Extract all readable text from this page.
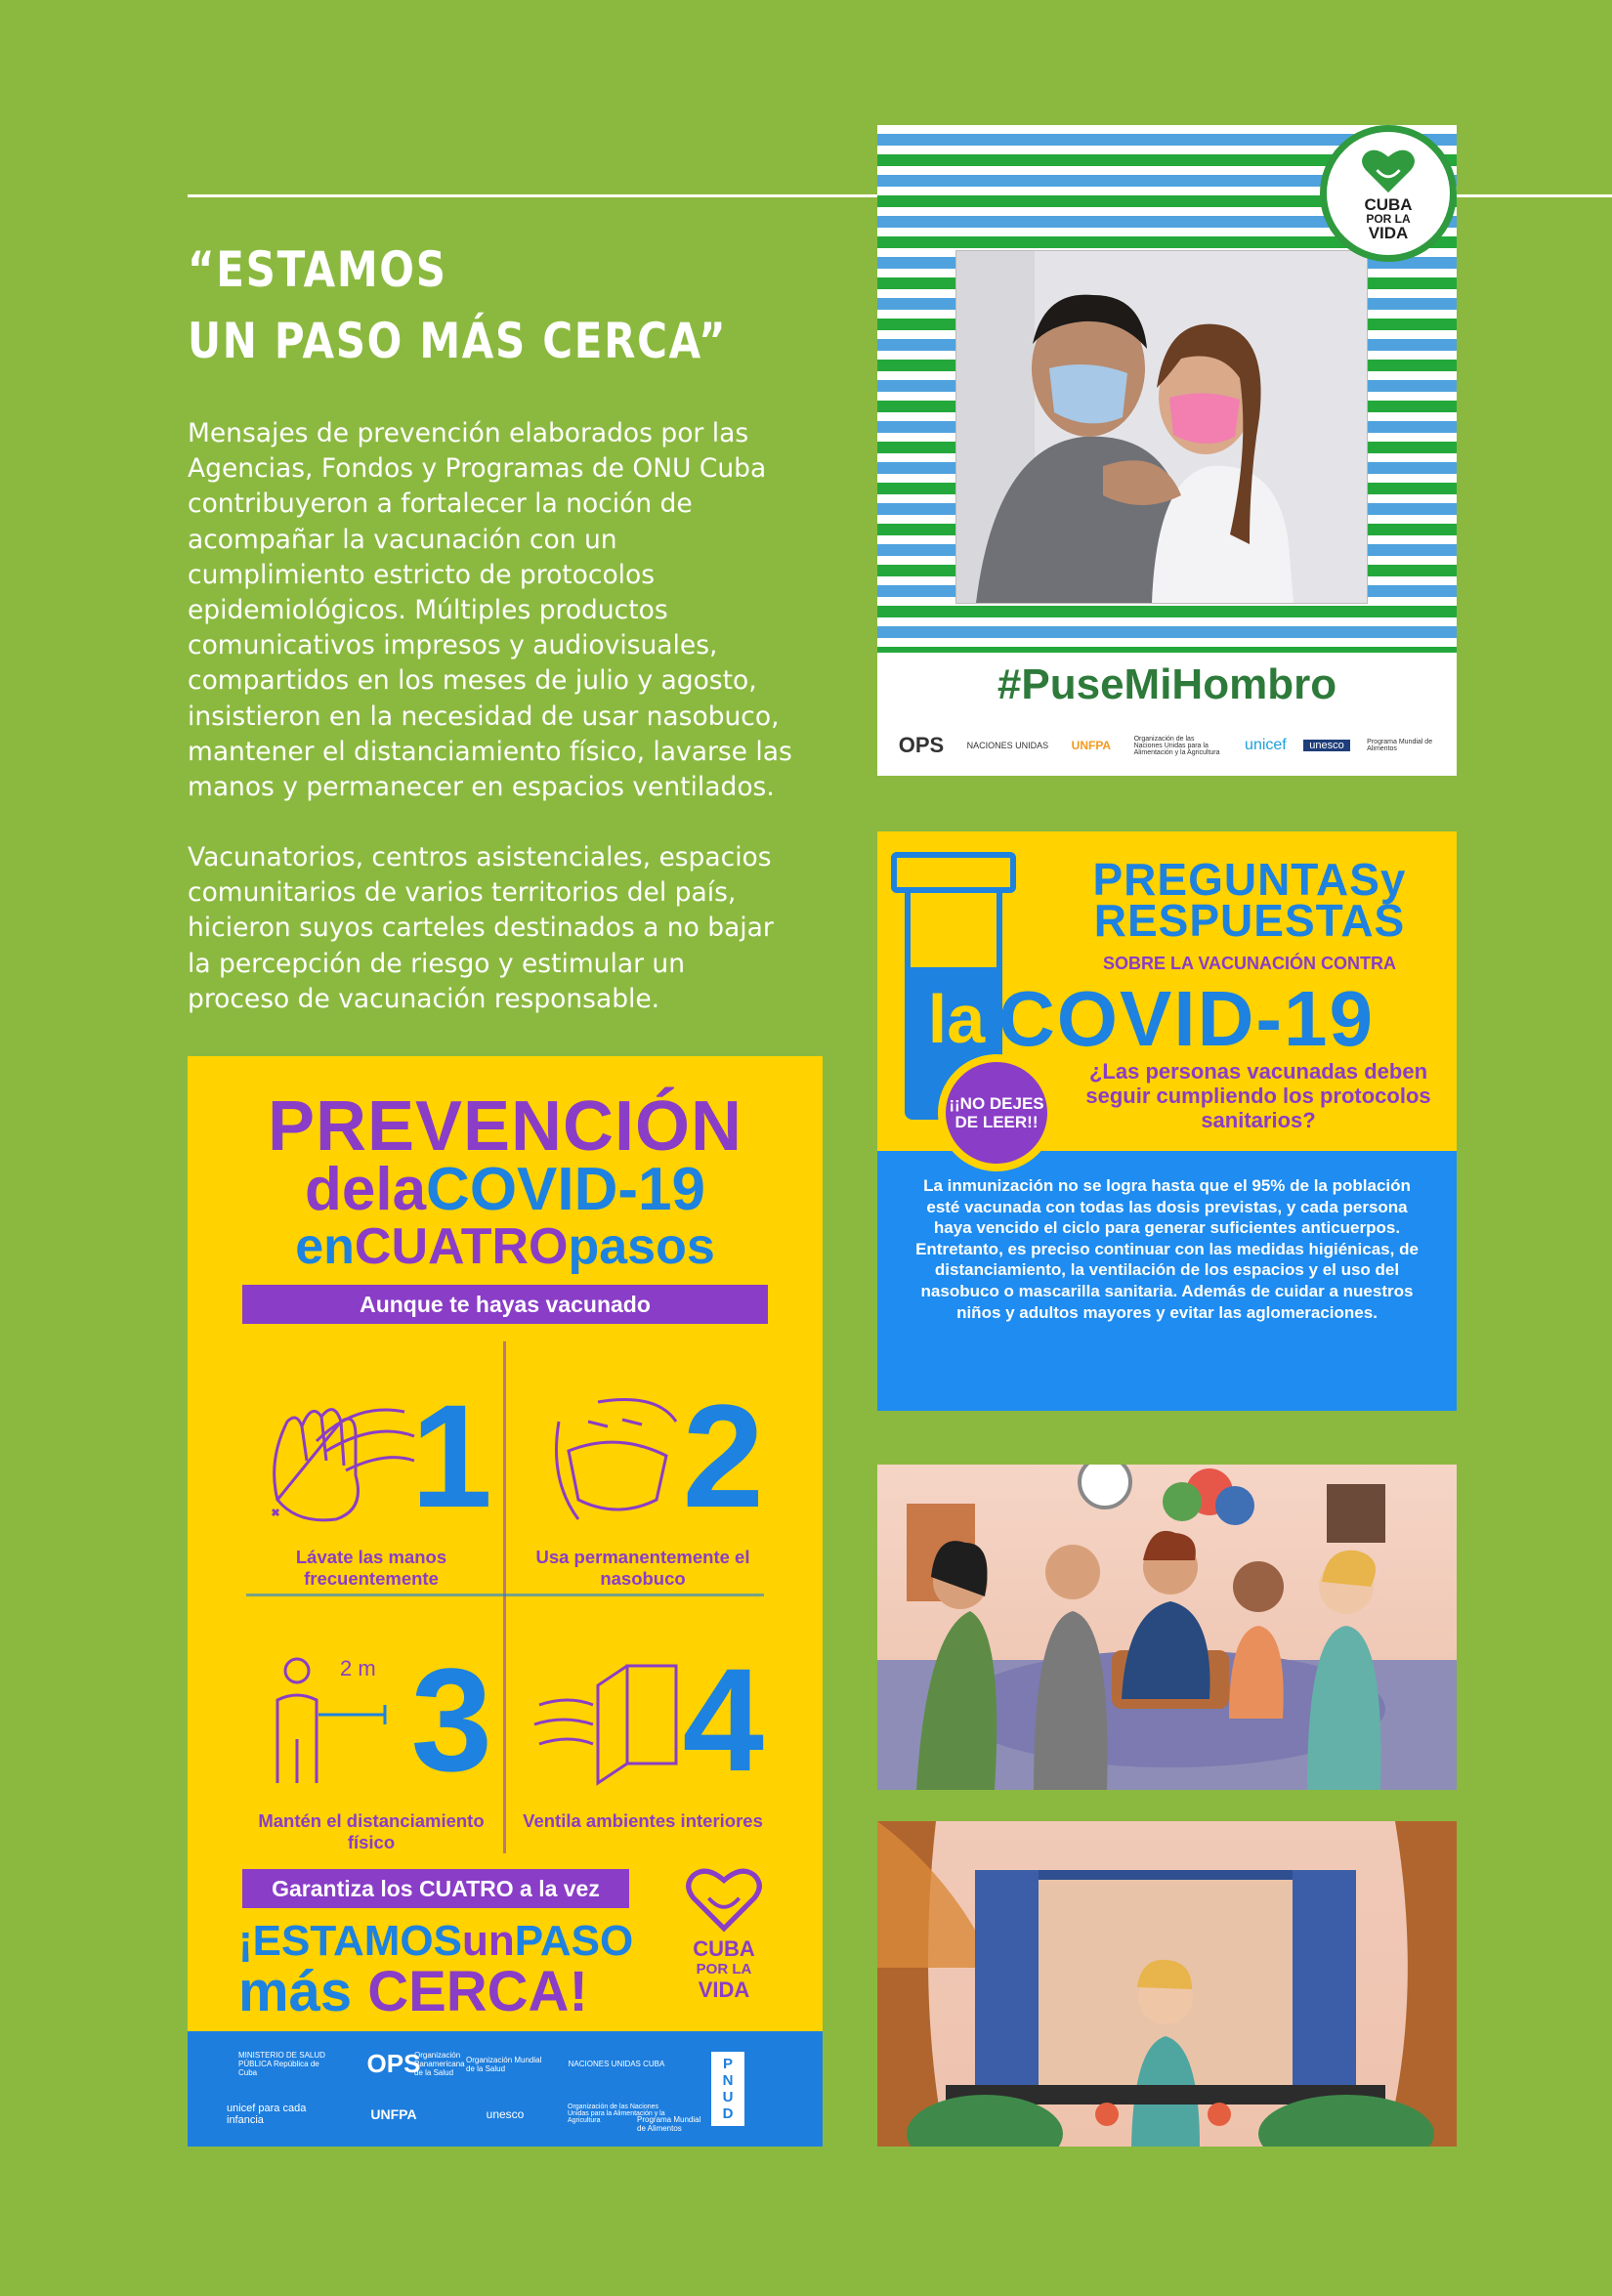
“ESTAMOS
UN PASO MÁS CERCA”

Mensajes de prevención elaborados por las Agencias, Fondos y Programas de ONU Cuba contribuyeron a fortalecer la noción de acompañar la vacunación con un cumplimiento estricto de protocolos epidemiológicos. Múltiples productos comunicativos impresos y audiovisuales, compartidos en los meses de julio y agosto, insistieron en la necesidad de usar nasobuco, mantener el distanciamiento físico, lavarse las manos y permanecer en espacios ventilados.

Vacunatorios, centros asistenciales, espacios comunitarios de varios territorios del país, hicieron suyos carteles destinados a no bajar la percepción de riesgo y estimular un proceso de vacunación responsable.

CUBA
POR LA
VIDA
#PuseMiHombro
OPS	NACIONES UNIDAS	UNFPA	Organización de las Naciones Unidas para la Alimentación y la Agricultura	unicef	unesco	Programa Mundial de Alimentos
PREGUNTASy
RESPUESTAS
SOBRE LA VACUNACIÓN CONTRA
la COVID-19
¡¡NO DEJES DE LEER!!
¿Las personas vacunadas deben seguir cumpliendo los protocolos sanitarios?

La inmunización no se logra hasta que el 95% de la población esté vacunada con todas las dosis previstas, y cada persona haya vencido el ciclo para generar suficientes anticuerpos. Entretanto, es preciso continuar con las medidas higiénicas, de distanciamiento, la ventilación de los espacios y el uso del nasobuco o mascarilla sanitaria. Además de cuidar a nuestros niños y adultos mayores y evitar las aglomeraciones.

PREVENCIÓN
delaCOVID-19
enCUATROpasos
Aunque te hayas vacunado
1
Lávate las manos frecuentemente
2
Usa permanentemente el nasobuco
2 m 3
Mantén el distanciamiento físico
4
Ventila ambientes interiores
Garantiza los CUATRO a la vez
¡ESTAMOSunPASO
más CERCA!
CUBA
POR LA
VIDA
MINISTERIO DE SALUD PÚBLICA República de Cuba	OPS	Organización Mundial de la Salud	NACIONES UNIDAS CUBA	P
N
U
D
unicef para cada infancia	UNFPA	unesco	Organización de las Naciones Unidas para la Alimentación y la Agricultura	Programa Mundial de Alimentos
Organización Panamericana de la Salud
